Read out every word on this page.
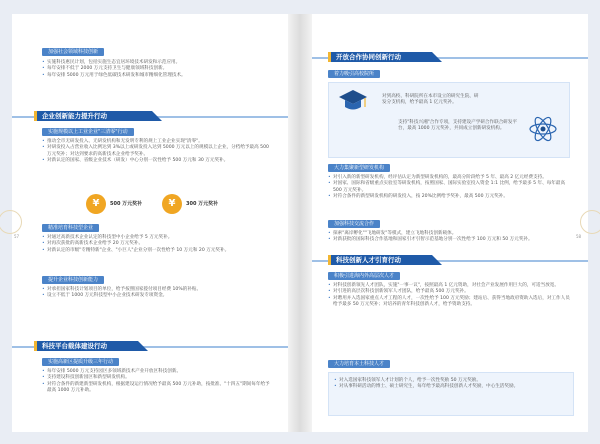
57
加强社会领域科技创新
• 实施科技惠民计划，包括实施生态宜居环境技术研发和示范应用。
• 每年安排不低于 2000 万元支持卫生与健康领域科技创新。
• 每年安排 5000 万元用于绿色低碳技术研发和城市精细化管理技术。
企业创新能力提升行动
实施规模以上工业企业"三清零"行动
• 推动全市无研发投入、无研发机构和无发明专利的规上工业企业实现"清零"。
• 对研发投入占营业收入比例达到 3%以上或研发投入达到 5000 万元以上的规模以上企业，分档给予最高 500 万元奖补；对达到要求的高新技术企业给予奖补。
• 对新认定的国家、省级企业技术（研发）中心分别一次性给予 500 万元和 30 万元奖补。
¥	500 万元奖补	¥	300 万元奖补
精准培育科技型企业
• 对通过高新技术企业认定的科技型中小企业给予 5 万元奖补。
• 对再次获批的高新技术企业给予 20 万元奖补。
• 对新认定的市级"专精特新"企业、"小巨人"企业分别一次性给予 10 万元和 20 万元奖补。
提升企业科技创新能力
• 对承担国家科技计划项目的单位，给予按照国家拨付项目经费 10%的补贴。
• 设立不低于 1000 万元科技型中小企业技术研发专项资金。
科技平台载体建设行动
实施高新区提质升级三年行动
• 每年安排 5000 万元支持园区多领域新技术产业开放区科技创新。
• 支持建设科技创新园区和新型研发机构。
• 对符合条件的新建新型研发机构，根据建设运行情况给予最高 500 万元补助，按批准、"十四五"期间每年给予最高 1000 万元补助。
58
开放合作协同创新行动
着力吸引高校院所
对到高校、科研院所在本市设立的研究生院、研发分支机构，给予最高 1 亿元奖补。
支持"科技兴湘"合作专项，支持建设产学研合作联合研发平台，最高 1000 万元奖补，共同成立创新研发机构。
大力集聚新型研发机构
• 对引入新的新型研发机构，经评估认定为新型研发机构的，最高分阶段给予 5 年、最高 2 亿元经费支持。
• 对国家、国际和省级重点实验室等研发机构，按照国家、国际实验室投入资金 1:1 比例，给予最多 5 年、每年最高 500 万元奖补。
• 对符合条件的新型研发机构的研发投入，按 20%比例给予奖补，最高 500 万元奖补。
加强科技交流合作
• 探索"离岸孵化""飞地研发"等模式，建立飞地科技创新载体。
• 对新获批的国际科技合作基地和国家引才引智示范基地分别一次性给予 100 万元和 50 万元奖补。
科技创新人才引育行动
积极引进海内外高层次人才
• 对科技创新领先人才团队，实施"一事一议"，按照最高 1 亿元资助，对社会产业发展作用巨大的，可适当放宽。
• 对引进的高层次科技创新领军人才团队，给予最高 500 万元奖补。
• 对聘用并入选国家重点人才工程的人才，一次性给予 100 万元奖励；建站后、获得当地政府资助入选后，对工作人员给予最多 50 万元奖补；对培养的青年科技创新人才，给予资助支持。
大力培育本土科技人才
• 对入选国家科技领军人才计划的个人，给予一次性奖励 50 万元奖励。
• 对从事科研活动的博士、硕士研究生，每年给予最高科技创新人才奖励，中心生活奖励。
